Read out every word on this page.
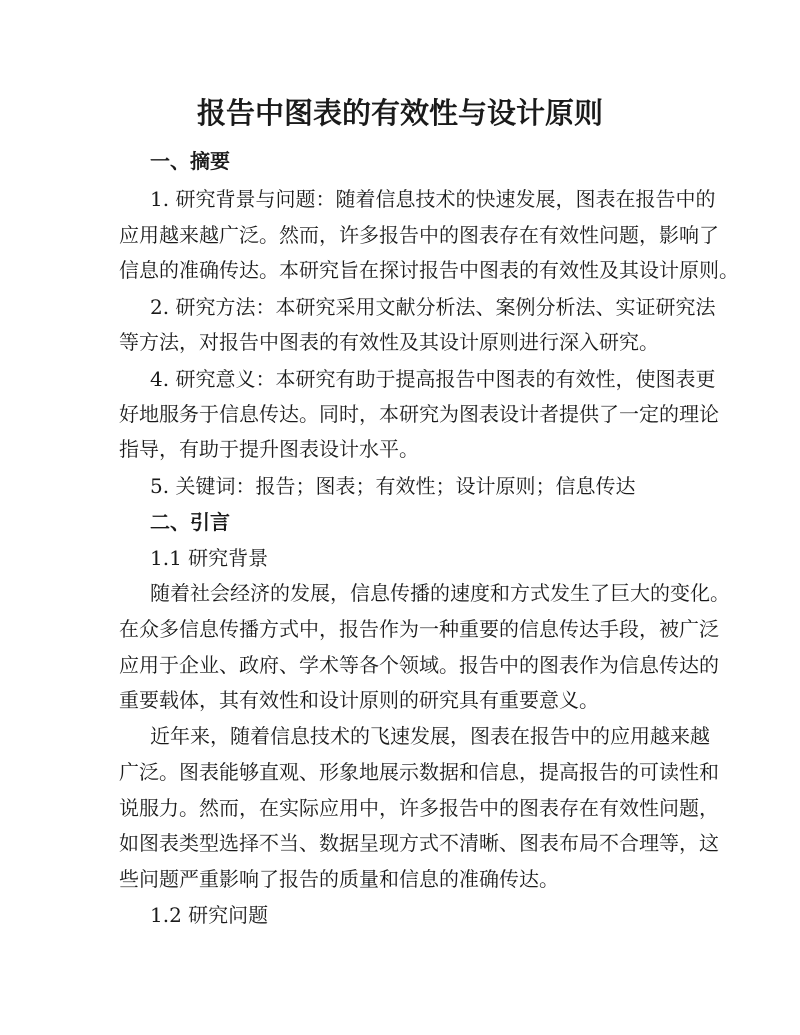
报告中图表的有效性与设计原则
一、摘要
1. 研究背景与问题：随着信息技术的快速发展，图表在报告中的
应用越来越广泛。然而，许多报告中的图表存在有效性问题，影响了
信息的准确传达。本研究旨在探讨报告中图表的有效性及其设计原则。
2. 研究方法：本研究采用文献分析法、案例分析法、实证研究法
等方法，对报告中图表的有效性及其设计原则进行深入研究。
4. 研究意义：本研究有助于提高报告中图表的有效性，使图表更
好地服务于信息传达。同时，本研究为图表设计者提供了一定的理论
指导，有助于提升图表设计水平。
5. 关键词：报告；图表；有效性；设计原则；信息传达
二、引言
1.1 研究背景
随着社会经济的发展，信息传播的速度和方式发生了巨大的变化。
在众多信息传播方式中，报告作为一种重要的信息传达手段，被广泛
应用于企业、政府、学术等各个领域。报告中的图表作为信息传达的
重要载体，其有效性和设计原则的研究具有重要意义。
近年来，随着信息技术的飞速发展，图表在报告中的应用越来越
广泛。图表能够直观、形象地展示数据和信息，提高报告的可读性和
说服力。然而，在实际应用中，许多报告中的图表存在有效性问题，
如图表类型选择不当、数据呈现方式不清晰、图表布局不合理等，这
些问题严重影响了报告的质量和信息的准确传达。
1.2 研究问题
